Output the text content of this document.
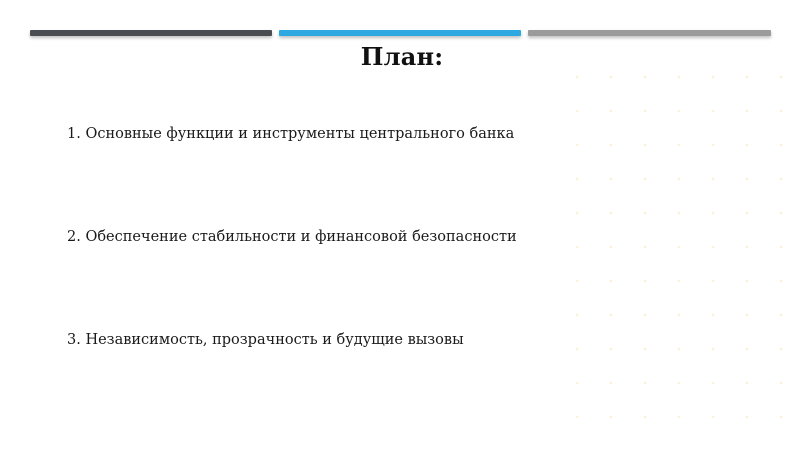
План:
1. Основные функции и инструменты центрального банка
2. Обеспечение стабильности и финансовой безопасности
3. Независимость, прозрачность и будущие вызовы
